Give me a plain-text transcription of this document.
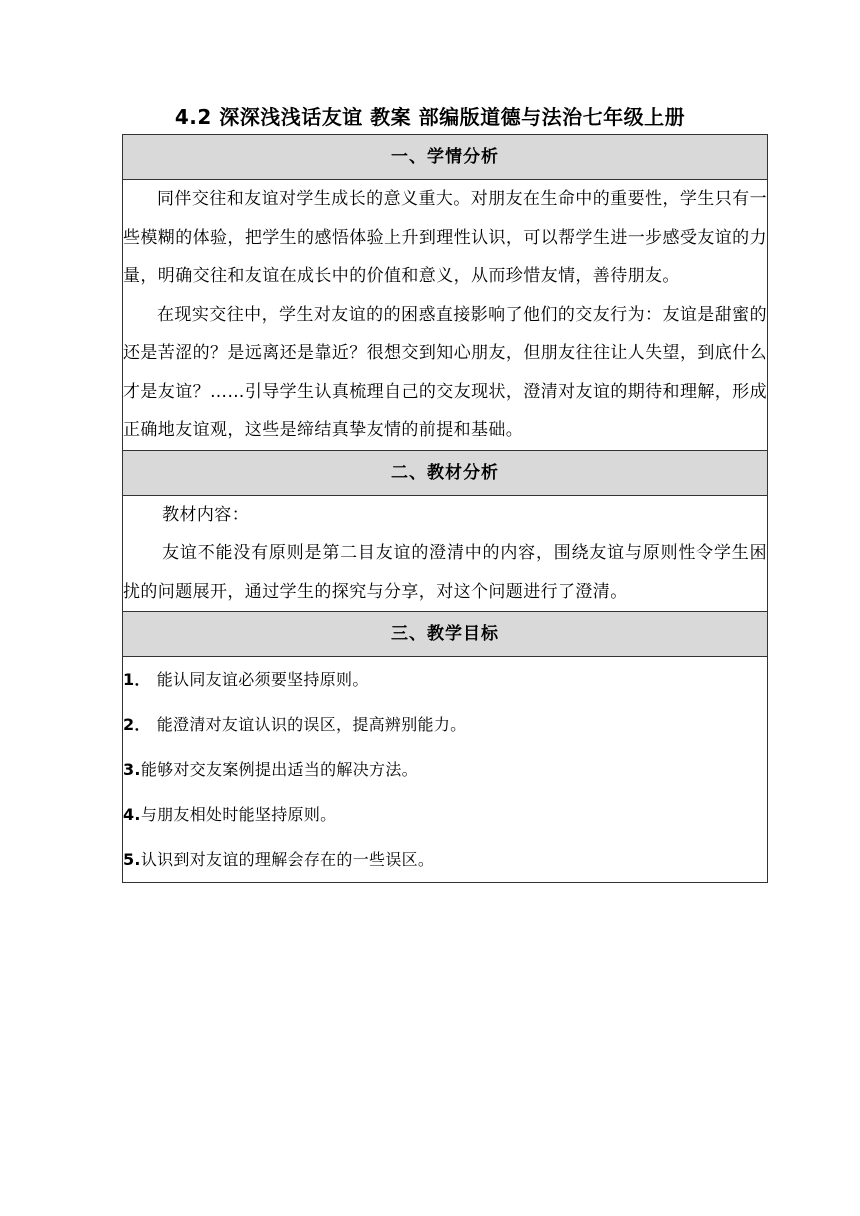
4.2 深深浅浅话友谊 教案 部编版道德与法治七年级上册
一、学情分析

同伴交往和友谊对学生成长的意义重大。对朋友在生命中的重要性，学生只有一些模糊的体验，把学生的感悟体验上升到理性认识，可以帮学生进一步感受友谊的力量，明确交往和友谊在成长中的价值和意义，从而珍惜友情，善待朋友。

在现实交往中，学生对友谊的的困惑直接影响了他们的交友行为：友谊是甜蜜的还是苦涩的？是远离还是靠近？很想交到知心朋友，但朋友往往让人失望，到底什么才是友谊？……引导学生认真梳理自己的交友现状，澄清对友谊的期待和理解，形成正确地友谊观，这些是缔结真挚友情的前提和基础。

二、教材分析

教材内容：

友谊不能没有原则是第二目友谊的澄清中的内容，围绕友谊与原则性令学生困扰的问题展开，通过学生的探究与分享，对这个问题进行了澄清。

三、教学目标

1． 能认同友谊必须要坚持原则。

2． 能澄清对友谊认识的误区，提高辨别能力。

3.能够对交友案例提出适当的解决方法。

4.与朋友相处时能坚持原则。

5.认识到对友谊的理解会存在的一些误区。
